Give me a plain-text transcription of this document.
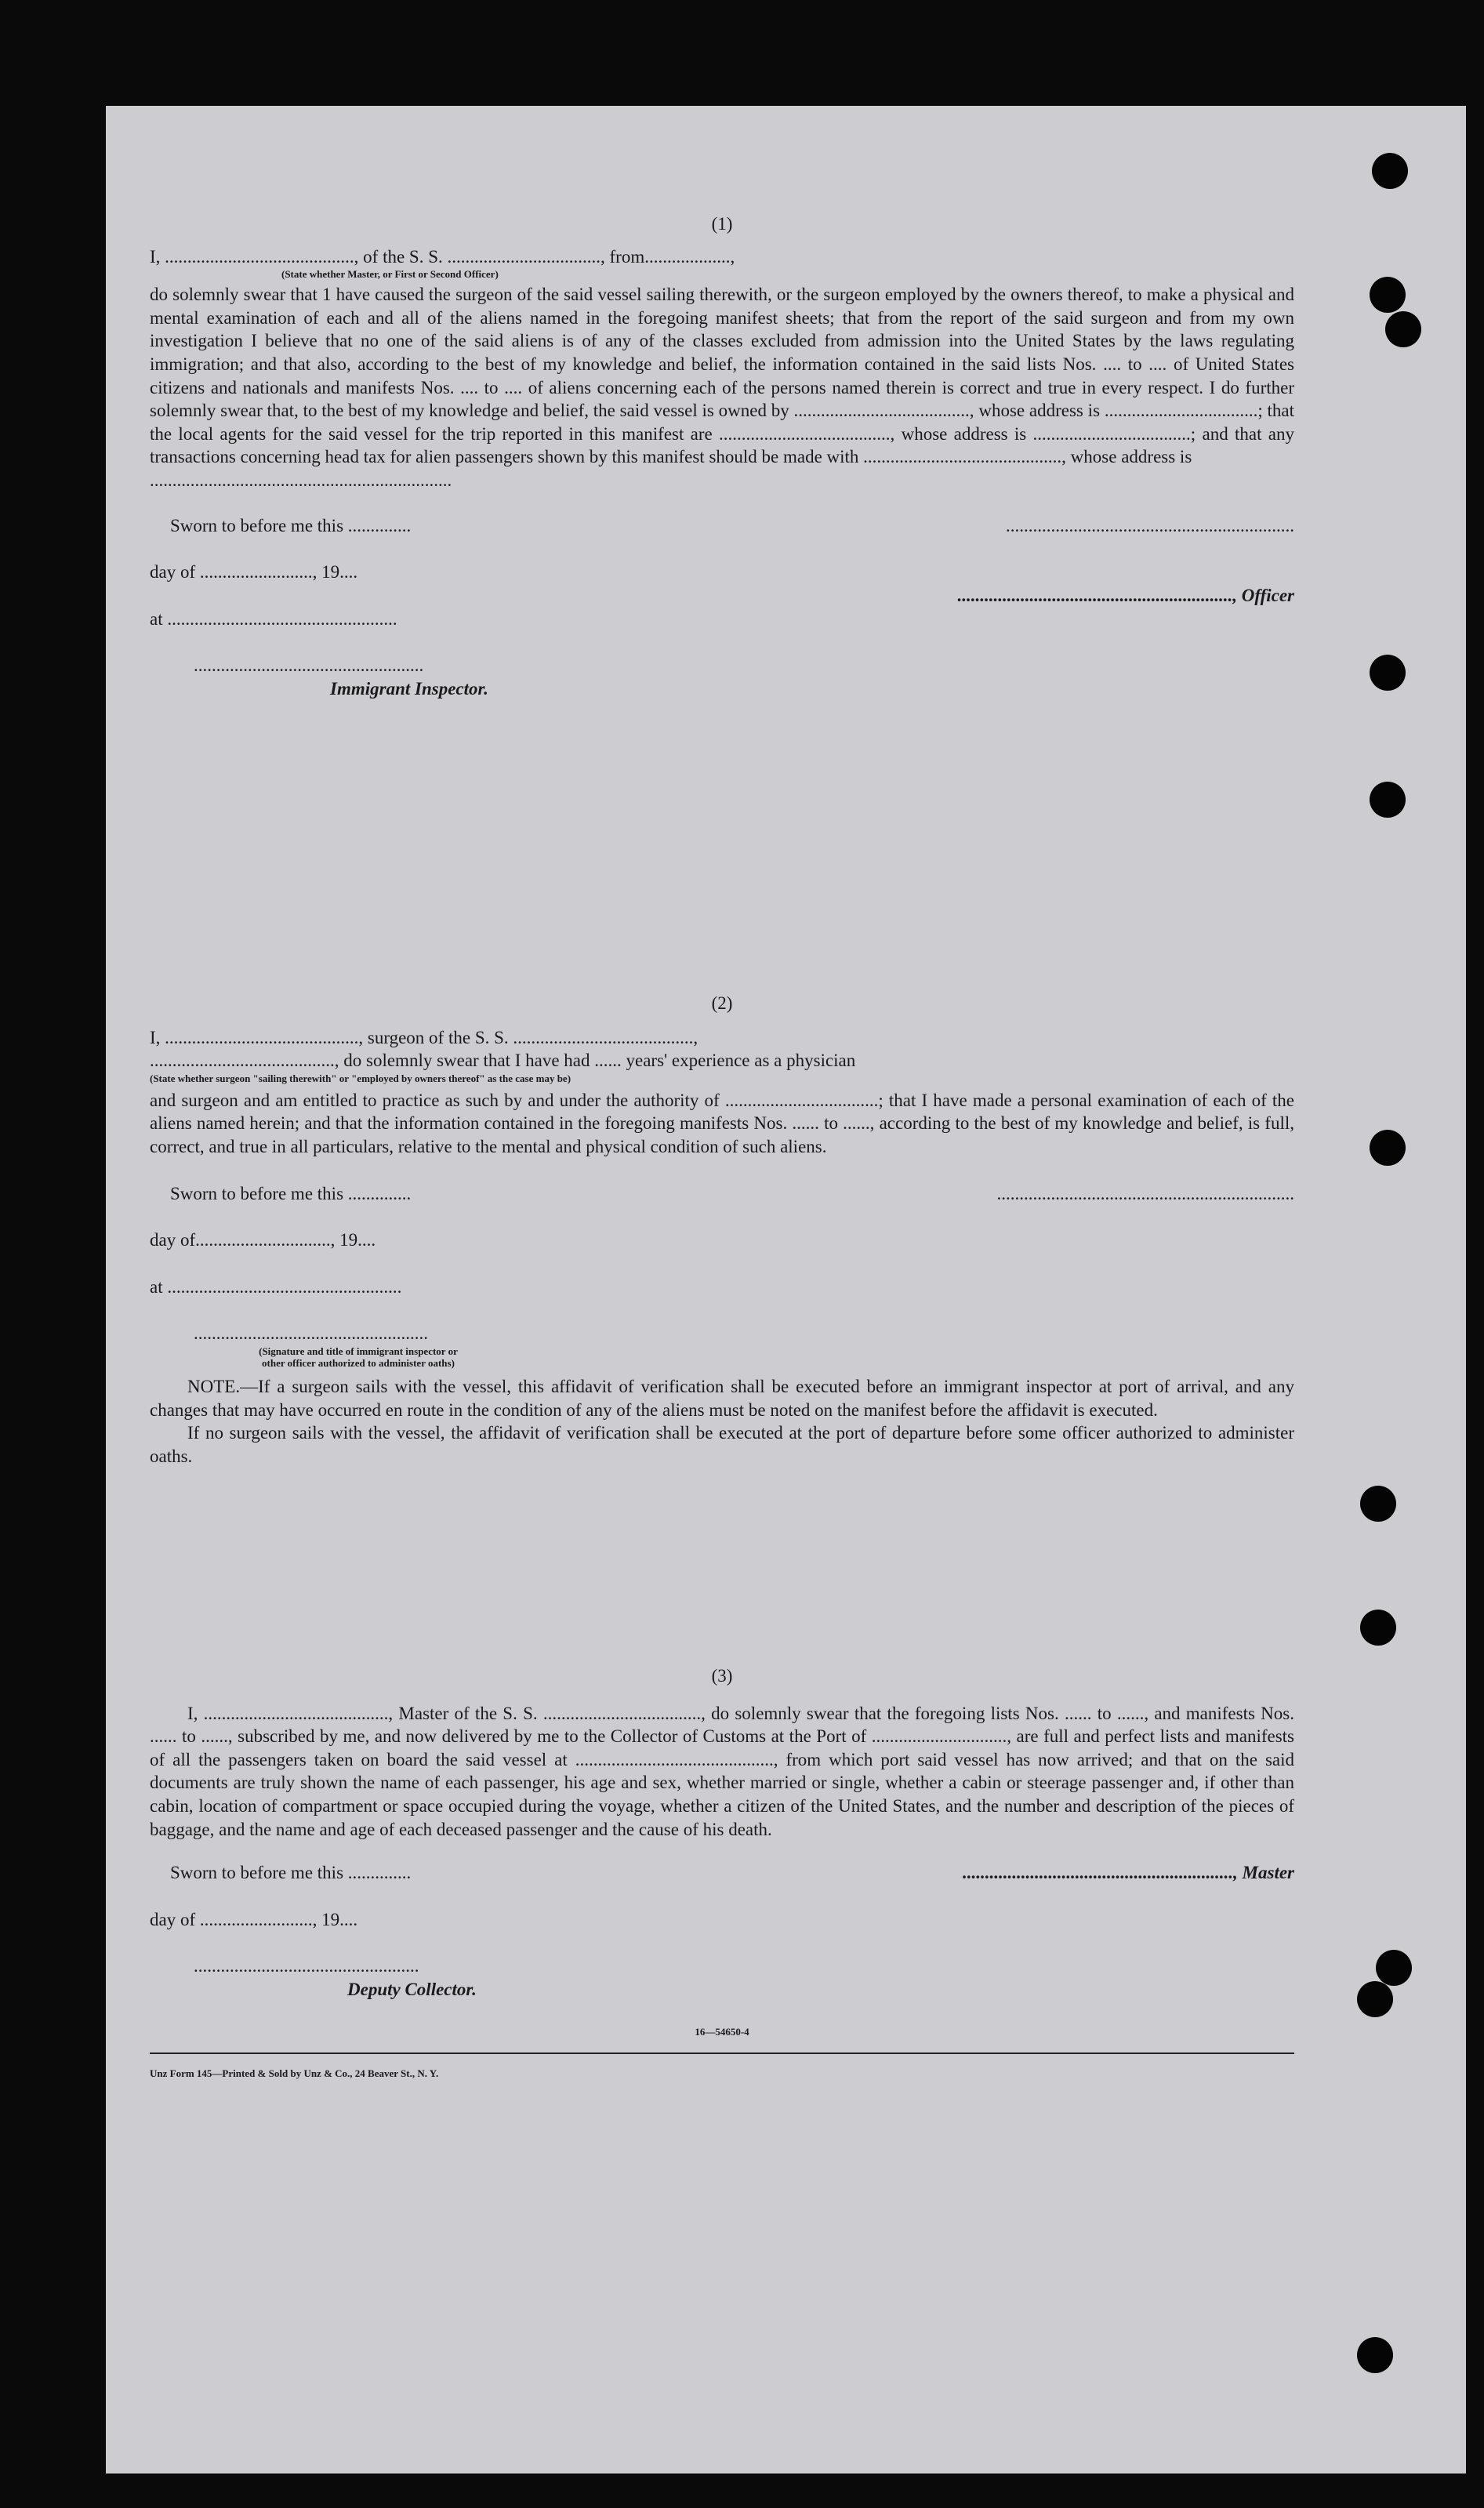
(1)
I, .........................................., of the S. S. .................................., from...................,
(State whether Master, or First or Second Officer)

do solemnly swear that 1 have caused the surgeon of the said vessel sailing therewith, or the surgeon employed by the owners thereof, to make a physical and mental examination of each and all of the aliens named in the foregoing manifest sheets; that from the report of the said surgeon and from my own investigation I believe that no one of the said aliens is of any of the classes excluded from admission into the United States by the laws regulating immigration; and that also, according to the best of my knowledge and belief, the information contained in the said lists Nos. .... to .... of United States citizens and nationals and manifests Nos. .... to .... of aliens concerning each of the persons named therein is correct and true in every respect. I do further solemnly swear that, to the best of my knowledge and belief, the said vessel is owned by ......................................., whose address is ..................................; that the local agents for the said vessel for the trip reported in this manifest are ......................................, whose address is ...................................; and that any transactions concerning head tax for alien passengers shown by this manifest should be made with ............................................, whose address is

...................................................................
Sworn to before me this ..............
day of ........................., 19....
at ...................................................
...................................................
Immigrant Inspector.
................................................................
............................................................., Officer
(2)
I, ..........................................., surgeon of the S. S. ........................................,
........................................., do solemnly swear that I have had ...... years' experience as a physician
(State whether surgeon "sailing therewith" or "employed by owners thereof" as the case may be)

and surgeon and am entitled to practice as such by and under the authority of ..................................; that I have made a personal examination of each of the aliens named herein; and that the information contained in the foregoing manifests Nos. ...... to ......, according to the best of my knowledge and belief, is full, correct, and true in all particulars, relative to the mental and physical condition of such aliens.

Sworn to before me this ..............
day of.............................., 19....
at ....................................................
....................................................
(Signature and title of immigrant inspector or
other officer authorized to administer oaths)
..................................................................

NOTE.—If a surgeon sails with the vessel, this affidavit of verification shall be executed before an immigrant inspector at port of arrival, and any changes that may have occurred en route in the condition of any of the aliens must be noted on the manifest before the affidavit is executed.

If no surgeon sails with the vessel, the affidavit of verification shall be executed at the port of departure before some officer authorized to administer oaths.

(3)

I, ........................................., Master of the S. S. ..................................., do solemnly swear that the foregoing lists Nos. ...... to ......, and manifests Nos. ...... to ......, subscribed by me, and now delivered by me to the Collector of Customs at the Port of .............................., are full and perfect lists and manifests of all the passengers taken on board the said vessel at ............................................, from which port said vessel has now arrived; and that on the said documents are truly shown the name of each passenger, his age and sex, whether married or single, whether a cabin or steerage passenger and, if other than cabin, location of compartment or space occupied during the voyage, whether a citizen of the United States, and the number and description of the pieces of baggage, and the name and age of each deceased passenger and the cause of his death.

Sworn to before me this ..............
day of ........................., 19....
..................................................
Deputy Collector.
............................................................, Master
16—54650-4
Unz Form 145—Printed & Sold by Unz & Co., 24 Beaver St., N. Y.
